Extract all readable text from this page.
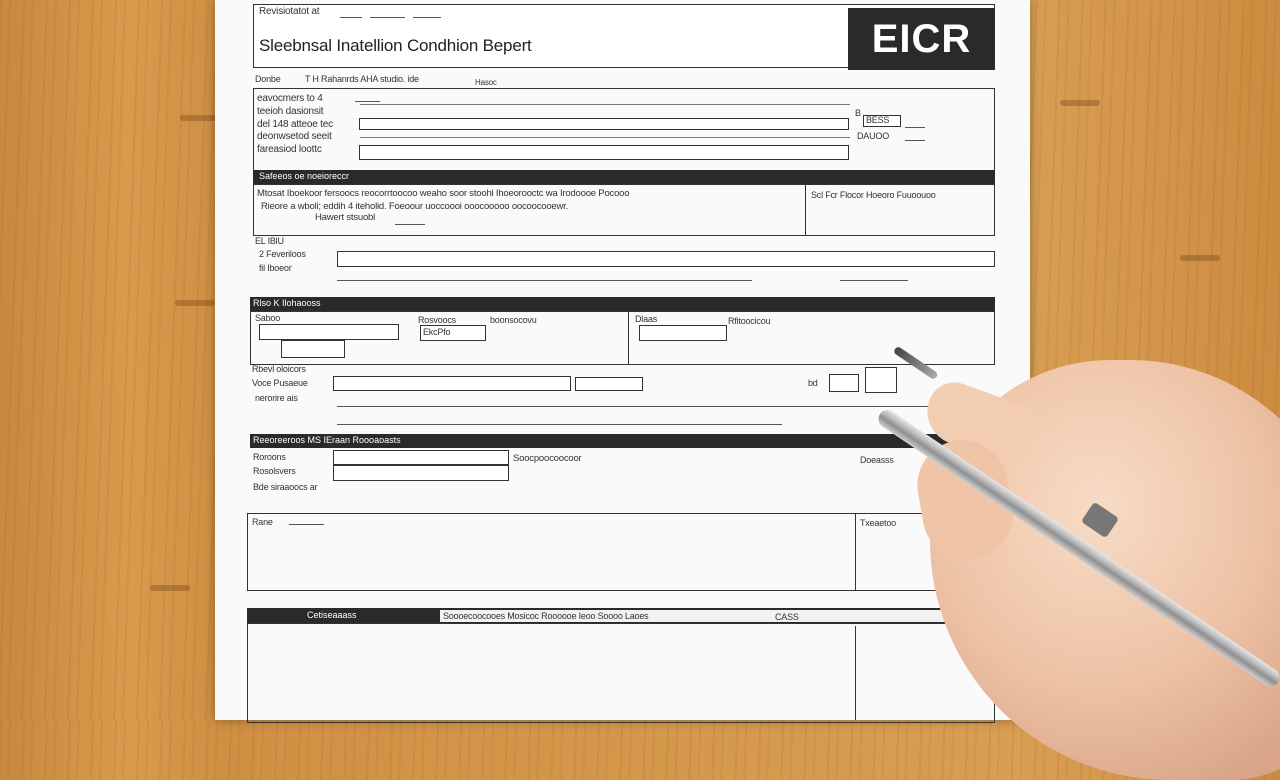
Revisiotatot at
Sleebnsal Inatellion Condhion Bepert	EICR
Donbe	T H Rahanrds AHA studio. ide	Hasoc
eavocmers to 4
teeioh dasionsit
del 148 atteoe tec
deonwsetod seeit
fareasiod loottc
B
BESS
DAUOO
Safeeos oe noeioreccr
Mtosat Iboekoor fersoocs reocorrtoocoo weaho soor stoohl Ihoeorooctc wa Irodoooe Pocooo
Rieore a wboli; eddih 4 iteholid. Foeoour uoccoooi ooocooooo oocoocooewr.
Hawert stsuobl
Scl Fcr Flocor Hoeoro Fuuoouoo
EL IBlU
2 Feveriloos
fil Iboeor
Rlso K Ilohaooss
Saboo	Rosvoocs	boonsocovu
EkcPfo
Dlaas	Rfitoocicou
Rbevl oloicors
Voce Pusaeue	bd
nerorire ais
Reeoreeroos MS IEraan Roooaoasts
Roroons
Rosolsvers
Bde siraaoocs ar
Soocpoocoocoor	Doeasss
Rane	Txeaetoo
Cetiseaaass	Soooecoocooes Mosicoc Roooooe Ieoo Soooo Laoes	CASS
